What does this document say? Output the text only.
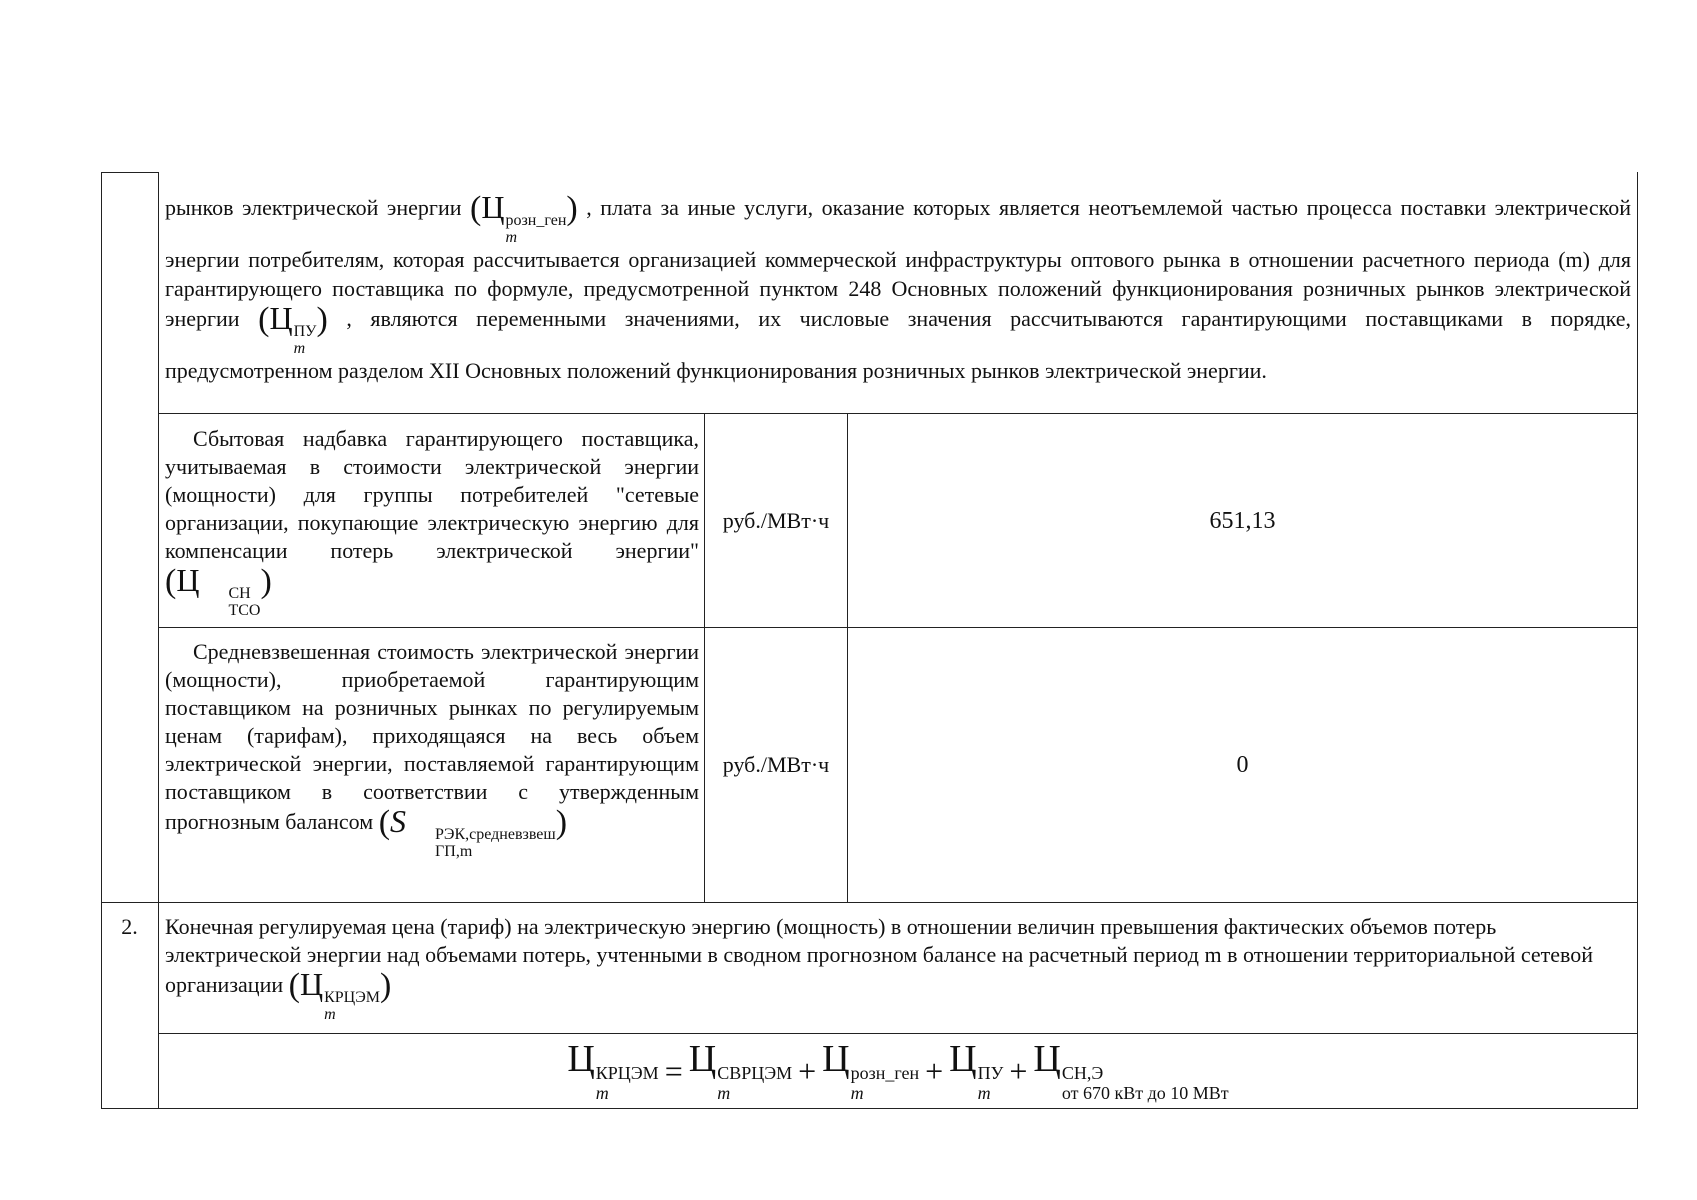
рынков электрической энергии (Ц розн_ген
m
) , плата за иные услуги, оказание которых является неотъемлемой частью процесса поставки электрической энергии потребителям, которая рассчитывается организацией коммерческой инфраструктуры оптового рынка в отношении расчетного периода (m) для гарантирующего поставщика по формуле, предусмотренной пунктом 248 Основных положений функционирования розничных рынков электрической энергии (Ц ПУ
m
) , являются переменными значениями, их числовые значения рассчитываются гарантирующими поставщиками в порядке, предусмотренном разделом XII Основных положений функционирования розничных рынков электрической энергии.
Сбытовая надбавка гарантирующего поставщика, учитываемая в стоимости электрической энергии (мощности) для группы потребителей "сетевые организации, покупающие электрическую энергию для компенсации потерь электрической энергии" (Ц	СН
ТСО
)
руб./МВт·ч	651,13
Средневзвешенная стоимость электрической энергии (мощности), приобретаемой гарантирующим поставщиком на розничных рынках по регулируемым ценам (тарифам), приходящаяся на весь объем электрической энергии, поставляемой гарантирующим поставщиком в соответствии с утвержденным прогнозным балансом (S	РЭК,средневзвеш
ГП,m
)
руб./МВт·ч	0
2.	Конечная регулируемая цена (тариф) на электрическую энергию (мощность) в отношении величин превышения фактических объемов потерь электрической энергии над объемами потерь, учтенными в сводном прогнозном балансе на расчетный период m в отношении территориальной сетевой организации (Ц КРЦЭМ
m
)
Ц КРЦЭМ
m
= Ц СВРЦЭМ
m
+ Ц розн_ген
m
+ Ц ПУ
m
+ Ц СН,Э
от 670 кВт до 10 МВт
